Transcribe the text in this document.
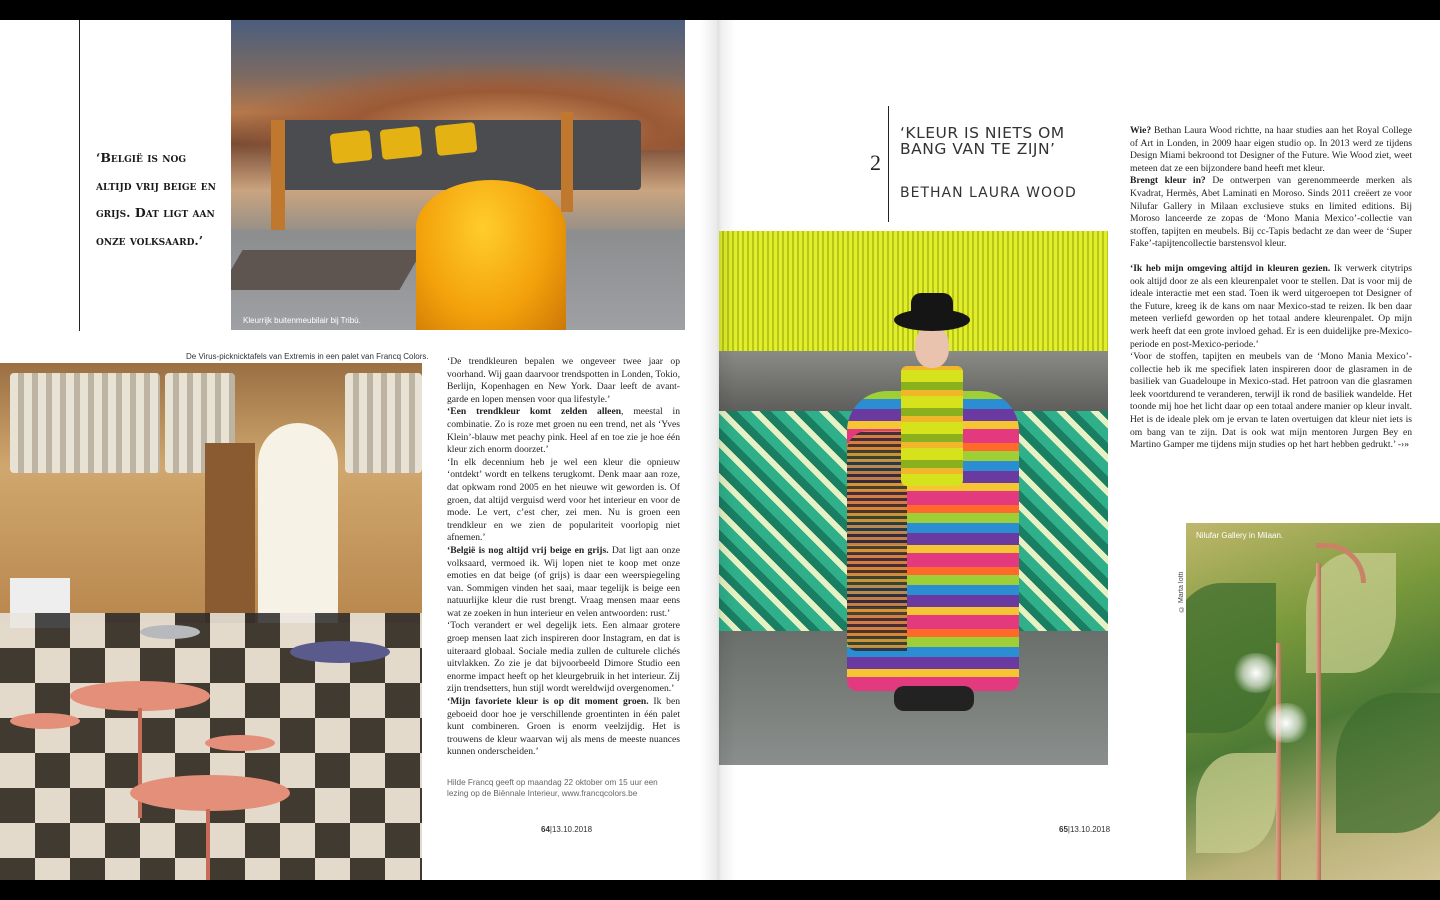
‘België is nog altijd vrij beige en grijs. Dat ligt aan onze volksaard.’
Kleurrijk buitenmeubilair bij Tribù.
De Virus-picknicktafels van Extremis in een palet van Francq Colors. ‘De trendkleuren bepalen we ongeveer twee jaar op voorhand. Wij gaan daarvoor trendspotten in Londen, Tokio, Berlijn, Kopenhagen en New York. Daar leeft de avant-garde en lopen mensen voor qua lifestyle.’

‘Een trendkleur komt zelden alleen, meestal in combinatie. Zo is roze met groen nu een trend, net als ‘Yves Klein’-blauw met peachy pink. Heel af en toe zie je hoe één kleur zich enorm doorzet.’

‘In elk decennium heb je wel een kleur die opnieuw ‘ontdekt’ wordt en telkens terugkomt. Denk maar aan roze, dat opkwam rond 2005 en het nieuwe wit geworden is. Of groen, dat altijd verguisd werd voor het interieur en voor de mode. Le vert, c’est cher, zei men. Nu is groen een trendkleur en we zien de populariteit voorlopig niet afnemen.’

‘België is nog altijd vrij beige en grijs. Dat ligt aan onze volksaard, vermoed ik. Wij lopen niet te koop met onze emoties en dat beige (of grijs) is daar een weerspiegeling van. Sommigen vinden het saai, maar tegelijk is beige een natuurlijke kleur die rust brengt. Vraag mensen maar eens wat ze zoeken in hun interieur en velen antwoorden: rust.’

‘Toch verandert er wel degelijk iets. Een almaar grotere groep mensen laat zich inspireren door Instagram, en dat is uiteraard globaal. Sociale media zullen de culturele clichés uitvlakken. Zo zie je dat bijvoorbeeld Dimore Studio een enorme impact heeft op het kleurgebruik in het interieur. Zij zijn trendsetters, hun stijl wordt wereldwijd overgenomen.’

‘Mijn favoriete kleur is op dit moment groen. Ik ben geboeid door hoe je verschillende groentinten in één palet kunt combineren. Groen is enorm veelzijdig. Het is trouwens de kleur waarvan wij als mens de meeste nuances kunnen onderscheiden.’

Hilde Francq geeft op maandag 22 oktober om 15 uur een lezing op de Biënnale Interieur, www.francqcolors.be
64|13.10.2018
2
‘KLEUR IS NIETS OM BANG VAN TE ZIJN’
BETHAN LAURA WOOD

Wie? Bethan Laura Wood richtte, na haar studies aan het Royal College of Art in Londen, in 2009 haar eigen studio op. In 2013 werd ze tijdens Design Miami bekroond tot Designer of the Future. Wie Wood ziet, weet meteen dat ze een bijzondere band heeft met kleur.

Brengt kleur in? De ontwerpen van gerenommeerde merken als Kvadrat, Hermès, Abet Laminati en Moroso. Sinds 2011 creëert ze voor Nilufar Gallery in Milaan exclusieve stuks en limited editions. Bij Moroso lanceerde ze zopas de ‘Mono Mania Mexico’-collectie van stoffen, tapijten en meubels. Bij cc-Tapis bedacht ze dan weer de ‘Super Fake’-tapijtencollectie barstensvol kleur.

‘Ik heb mijn omgeving altijd in kleuren gezien. Ik verwerk citytrips ook altijd door ze als een kleurenpalet voor te stellen. Dat is voor mij de ideale interactie met een stad. Toen ik werd uitgeroepen tot Designer of the Future, kreeg ik de kans om naar Mexico-stad te reizen. Ik ben daar meteen verliefd geworden op het totaal andere kleurenpalet. Op mijn werk heeft dat een grote invloed gehad. Er is een duidelijke pre-Mexico-periode en post-Mexico-periode.’

‘Voor de stoffen, tapijten en meubels van de ‘Mono Mania Mexico’-collectie heb ik me specifiek laten inspireren door de glasramen in de basiliek van Guadeloupe in Mexico-stad. Het patroon van die glasramen leek voortdurend te veranderen, terwijl ik rond de basiliek wandelde. Het toonde mij hoe het licht daar op een totaal andere manier op kleur invalt. Het is de ideale plek om je ervan te laten overtuigen dat kleur niet iets is om bang van te zijn. Dat is ook wat mijn mentoren Jurgen Bey en Martino Gamper me tijdens mijn studies op het hart hebben gedrukt.’ -›»

© Marta Iotti
Nilufar Gallery in Milaan.
65|13.10.2018
